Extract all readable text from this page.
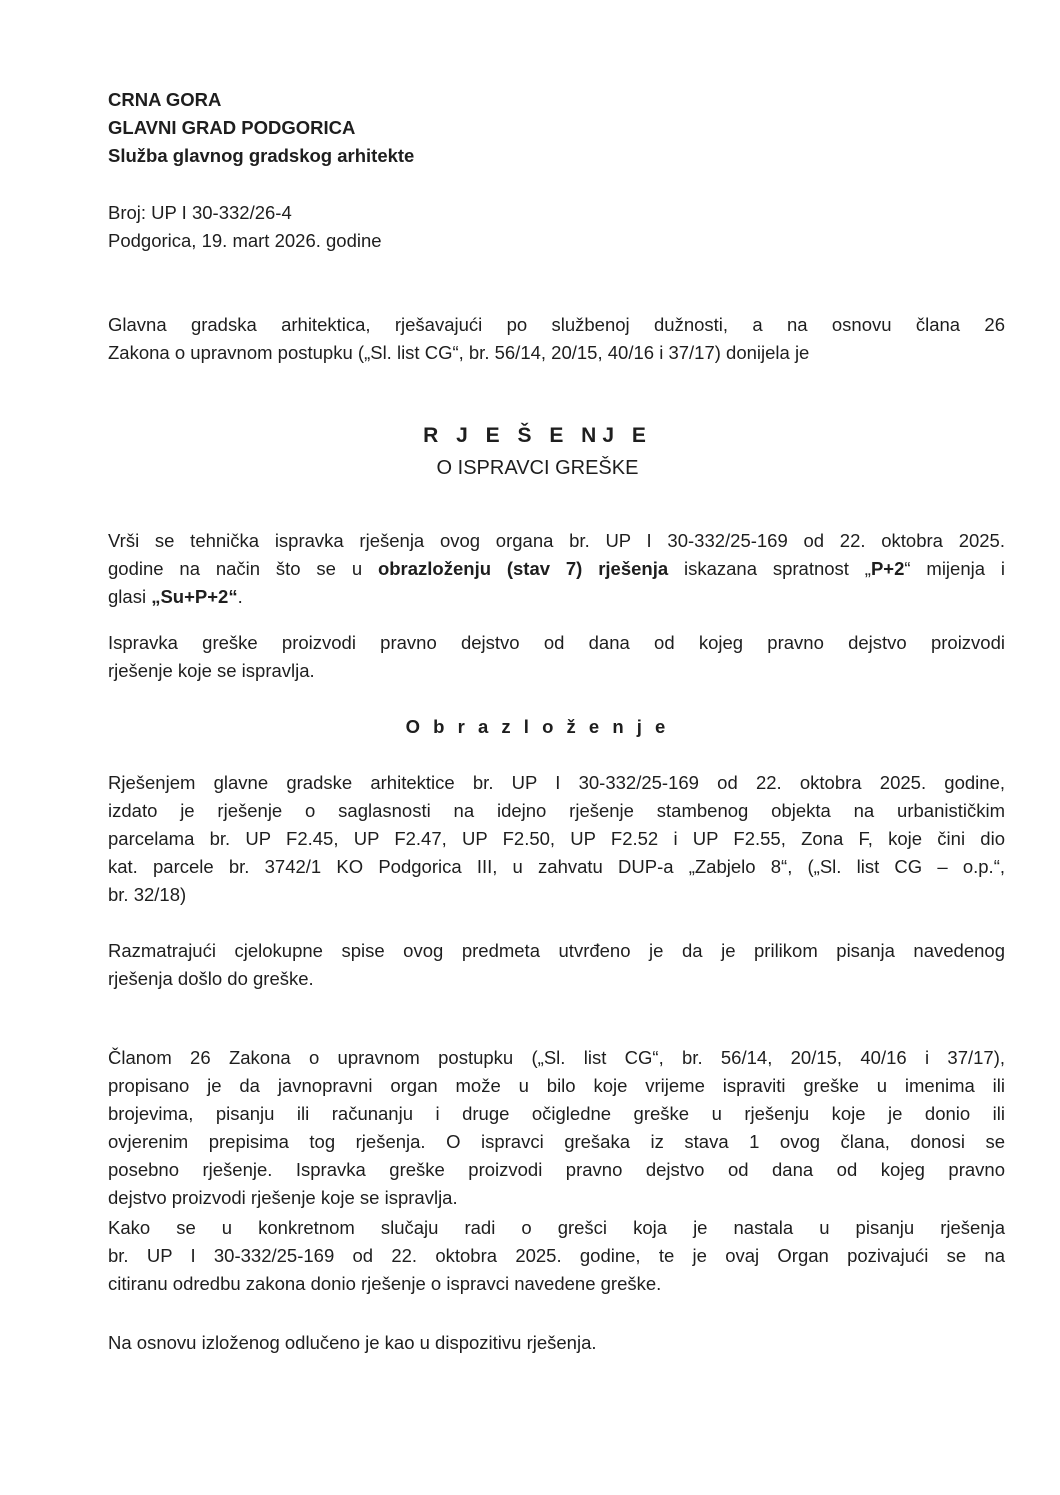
CRNA GORA
GLAVNI GRAD PODGORICA
Služba glavnog gradskog arhitekte
Broj: UP I 30-332/26-4
Podgorica, 19. mart 2026. godine
Glavna gradska arhitektica, rješavajući po službenoj dužnosti, a na osnovu člana 26
Zakona o upravnom postupku („Sl. list CG“, br. 56/14, 20/15, 40/16 i 37/17) donijela je
R J E Š E NJ E
O ISPRAVCI GREŠKE
Vrši se tehnička ispravka rješenja ovog organa br. UP I 30-332/25-169 od 22. oktobra 2025.
godine na način što se u obrazloženju (stav 7) rješenja iskazana spratnost „P+2“ mijenja i
glasi „Su+P+2“.
Ispravka greške proizvodi pravno dejstvo od dana od kojeg pravno dejstvo proizvodi
rješenje koje se ispravlja.
O b r a z l o ž e n j e
Rješenjem glavne gradske arhitektice br. UP I 30-332/25-169 od 22. oktobra 2025. godine,
izdato je rješenje o saglasnosti na idejno rješenje stambenog objekta na urbanističkim
parcelama br. UP F2.45, UP F2.47, UP F2.50, UP F2.52 i UP F2.55, Zona F, koje čini dio
kat. parcele br. 3742/1 KO Podgorica III, u zahvatu DUP-a „Zabjelo 8“, („Sl. list CG – o.p.“,
br. 32/18)
Razmatrajući cjelokupne spise ovog predmeta utvrđeno je da je prilikom pisanja navedenog
rješenja došlo do greške.
Članom 26 Zakona o upravnom postupku („Sl. list CG“, br. 56/14, 20/15, 40/16 i 37/17),
propisano je da javnopravni organ može u bilo koje vrijeme ispraviti greške u imenima ili
brojevima, pisanju ili računanju i druge očigledne greške u rješenju koje je donio ili
ovjerenim prepisima tog rješenja. O ispravci grešaka iz stava 1 ovog člana, donosi se
posebno rješenje. Ispravka greške proizvodi pravno dejstvo od dana od kojeg pravno
dejstvo proizvodi rješenje koje se ispravlja.
Kako se u konkretnom slučaju radi o grešci koja je nastala u pisanju rješenja
br. UP I 30-332/25-169 od 22. oktobra 2025. godine, te je ovaj Organ pozivajući se na
citiranu odredbu zakona donio rješenje o ispravci navedene greške.
Na osnovu izloženog odlučeno je kao u dispozitivu rješenja.
